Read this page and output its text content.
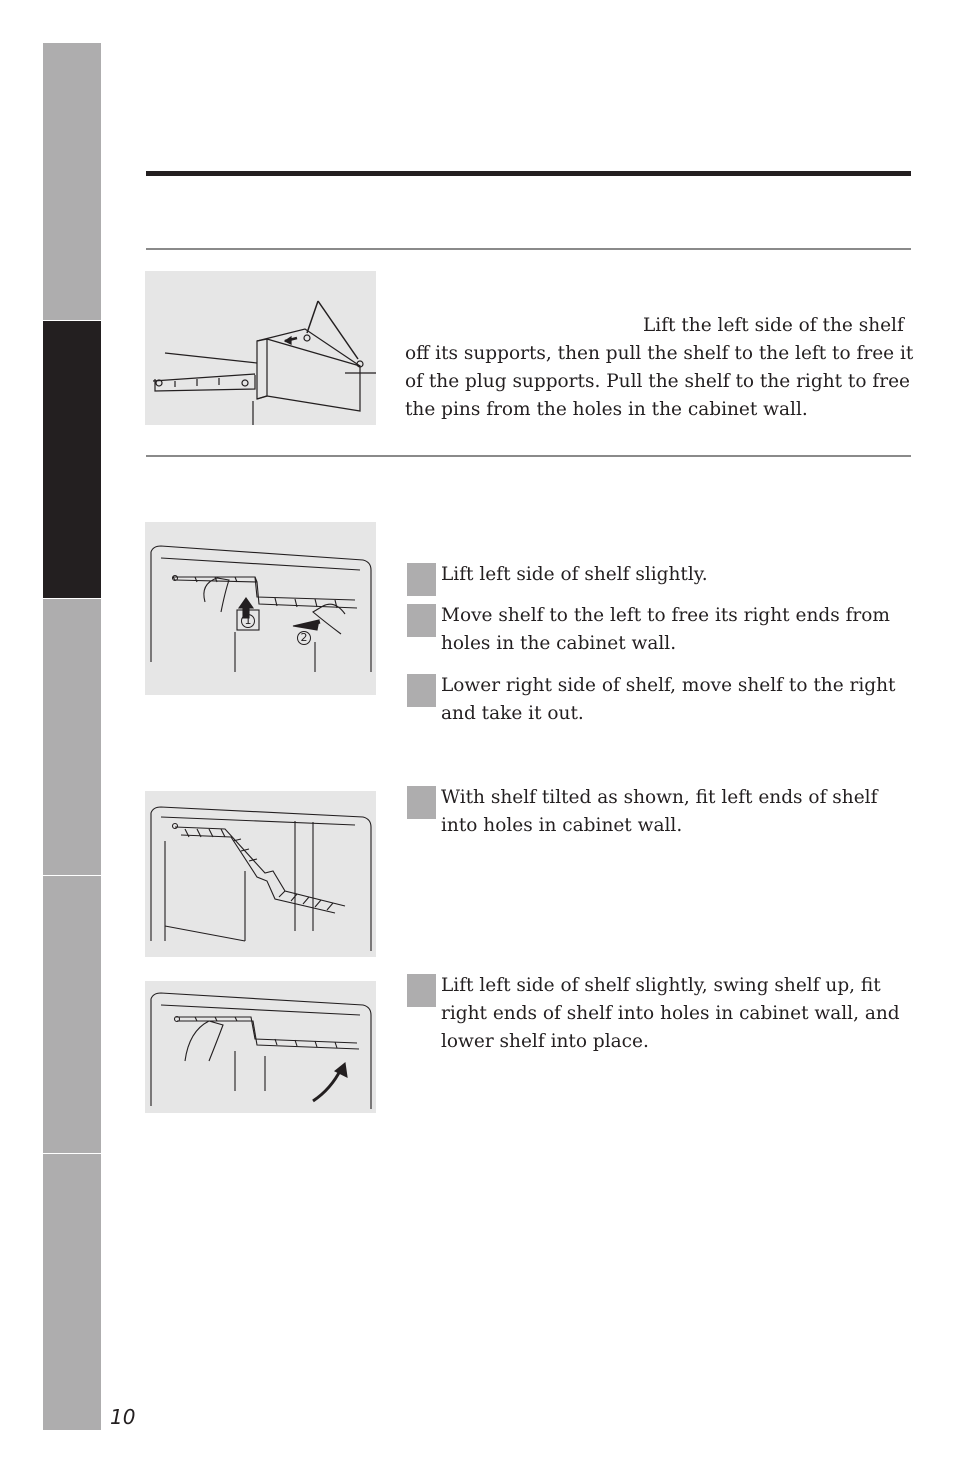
Lift the left side of the shelf off its supports, then pull the shelf to the left to free it of the plug supports. Pull the shelf to the right to free the pins from the holes in the cabinet wall.

1
2

Lift left side of shelf slightly.

Move shelf to the left to free its right ends from holes in the cabinet wall.

Lower right side of shelf, move shelf to the right and take it out.

With shelf tilted as shown, fit left ends of shelf into holes in cabinet wall.

Lift left side of shelf slightly, swing shelf up, fit right ends of shelf into holes in cabinet wall, and lower shelf into place.

10
